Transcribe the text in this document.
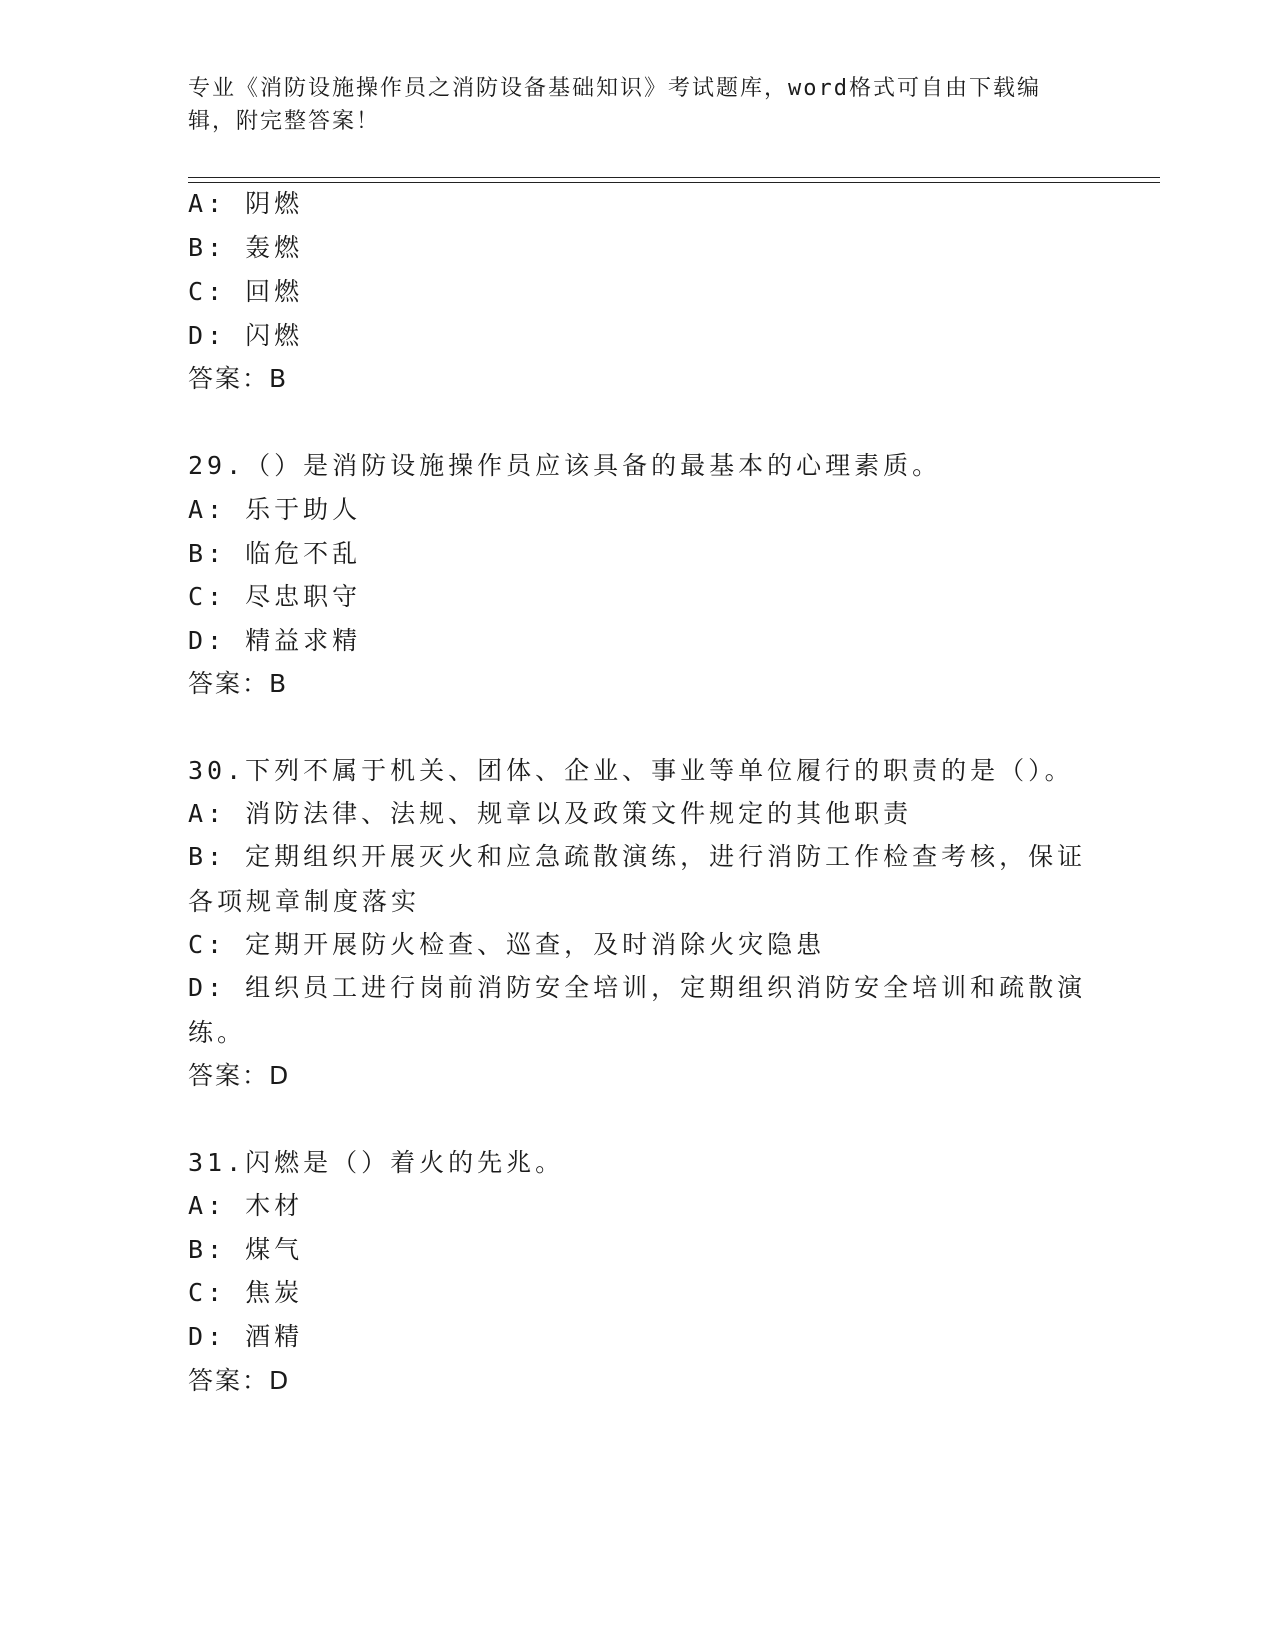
专业《消防设施操作员之消防设备基础知识》考试题库，word格式可自由下载编辑，附完整答案！
A: 阴燃
B: 轰燃
C: 回燃
D: 闪燃
答案：B
29.（）是消防设施操作员应该具备的最基本的心理素质。
A: 乐于助人
B: 临危不乱
C: 尽忠职守
D: 精益求精
答案：B
30.下列不属于机关、团体、企业、事业等单位履行的职责的是（）。
A: 消防法律、法规、规章以及政策文件规定的其他职责
B: 定期组织开展灭火和应急疏散演练，进行消防工作检查考核，保证各项规章制度落实
C: 定期开展防火检查、巡查，及时消除火灾隐患
D: 组织员工进行岗前消防安全培训，定期组织消防安全培训和疏散演练。
答案：D
31.闪燃是（）着火的先兆。
A: 木材
B: 煤气
C: 焦炭
D: 酒精
答案：D
